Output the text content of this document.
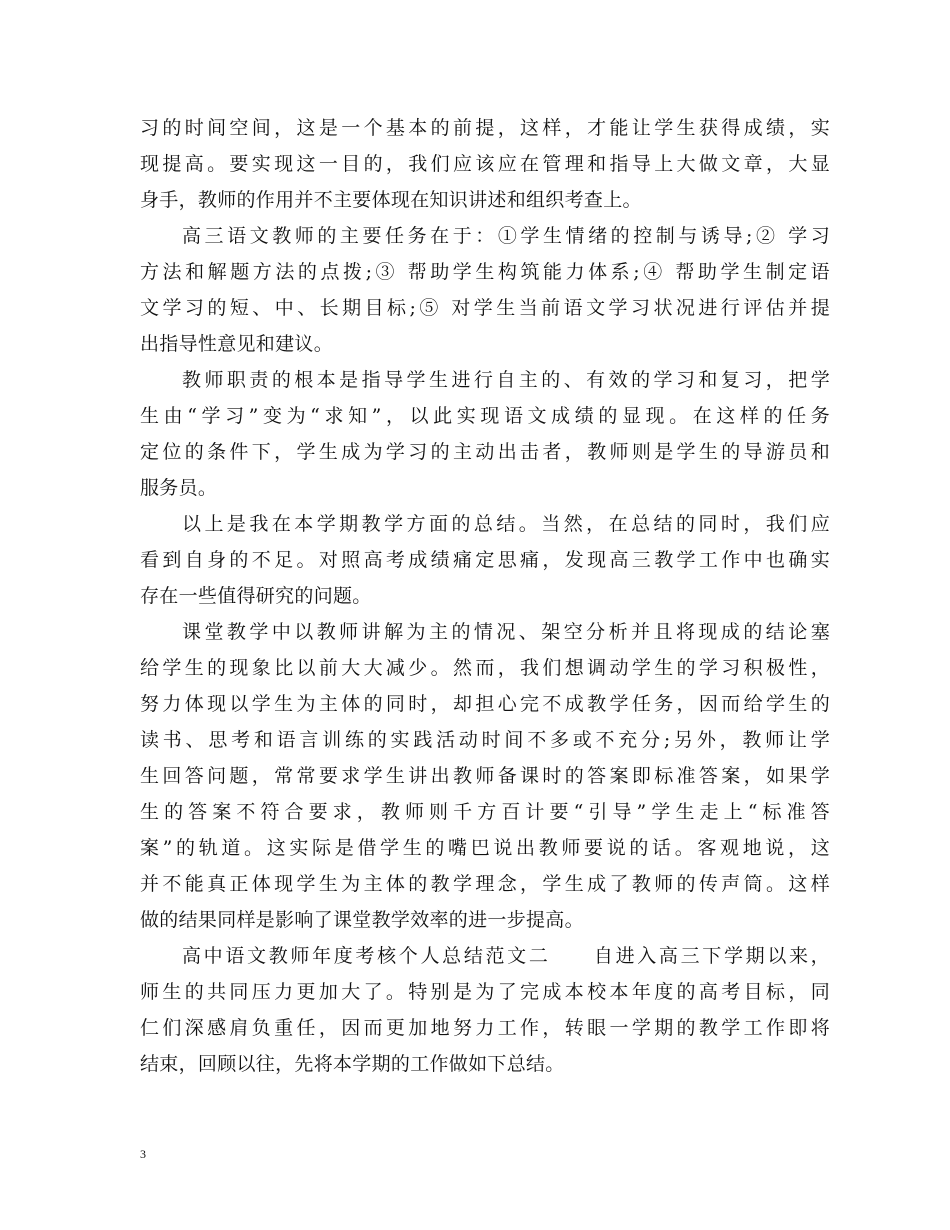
习的时间空间，这是一个基本的前提，这样，才能让学生获得成绩，实
现提高。要实现这一目的，我们应该应在管理和指导上大做文章，大显
身手，教师的作用并不主要体现在知识讲述和组织考查上。
高三语文教师的主要任务在于：①学生情绪的控制与诱导;② 学习
方法和解题方法的点拨;③ 帮助学生构筑能力体系;④ 帮助学生制定语
文学习的短、中、长期目标;⑤ 对学生当前语文学习状况进行评估并提
出指导性意见和建议。
教师职责的根本是指导学生进行自主的、有效的学习和复习，把学
生由“学习”变为“求知”，以此实现语文成绩的显现。在这样的任务
定位的条件下，学生成为学习的主动出击者，教师则是学生的导游员和
服务员。
以上是我在本学期教学方面的总结。当然，在总结的同时，我们应
看到自身的不足。对照高考成绩痛定思痛，发现高三教学工作中也确实
存在一些值得研究的问题。
课堂教学中以教师讲解为主的情况、架空分析并且将现成的结论塞
给学生的现象比以前大大减少。然而，我们想调动学生的学习积极性，
努力体现以学生为主体的同时，却担心完不成教学任务，因而给学生的
读书、思考和语言训练的实践活动时间不多或不充分;另外，教师让学
生回答问题，常常要求学生讲出教师备课时的答案即标准答案，如果学
生的答案不符合要求，教师则千方百计要“引导”学生走上“标准答
案”的轨道。这实际是借学生的嘴巴说出教师要说的话。客观地说，这
并不能真正体现学生为主体的教学理念，学生成了教师的传声筒。这样
做的结果同样是影响了课堂教学效率的进一步提高。
高中语文教师年度考核个人总结范文二　　自进入高三下学期以来，
师生的共同压力更加大了。特别是为了完成本校本年度的高考目标，同
仁们深感肩负重任，因而更加地努力工作，转眼一学期的教学工作即将
结束，回顾以往，先将本学期的工作做如下总结。
3
